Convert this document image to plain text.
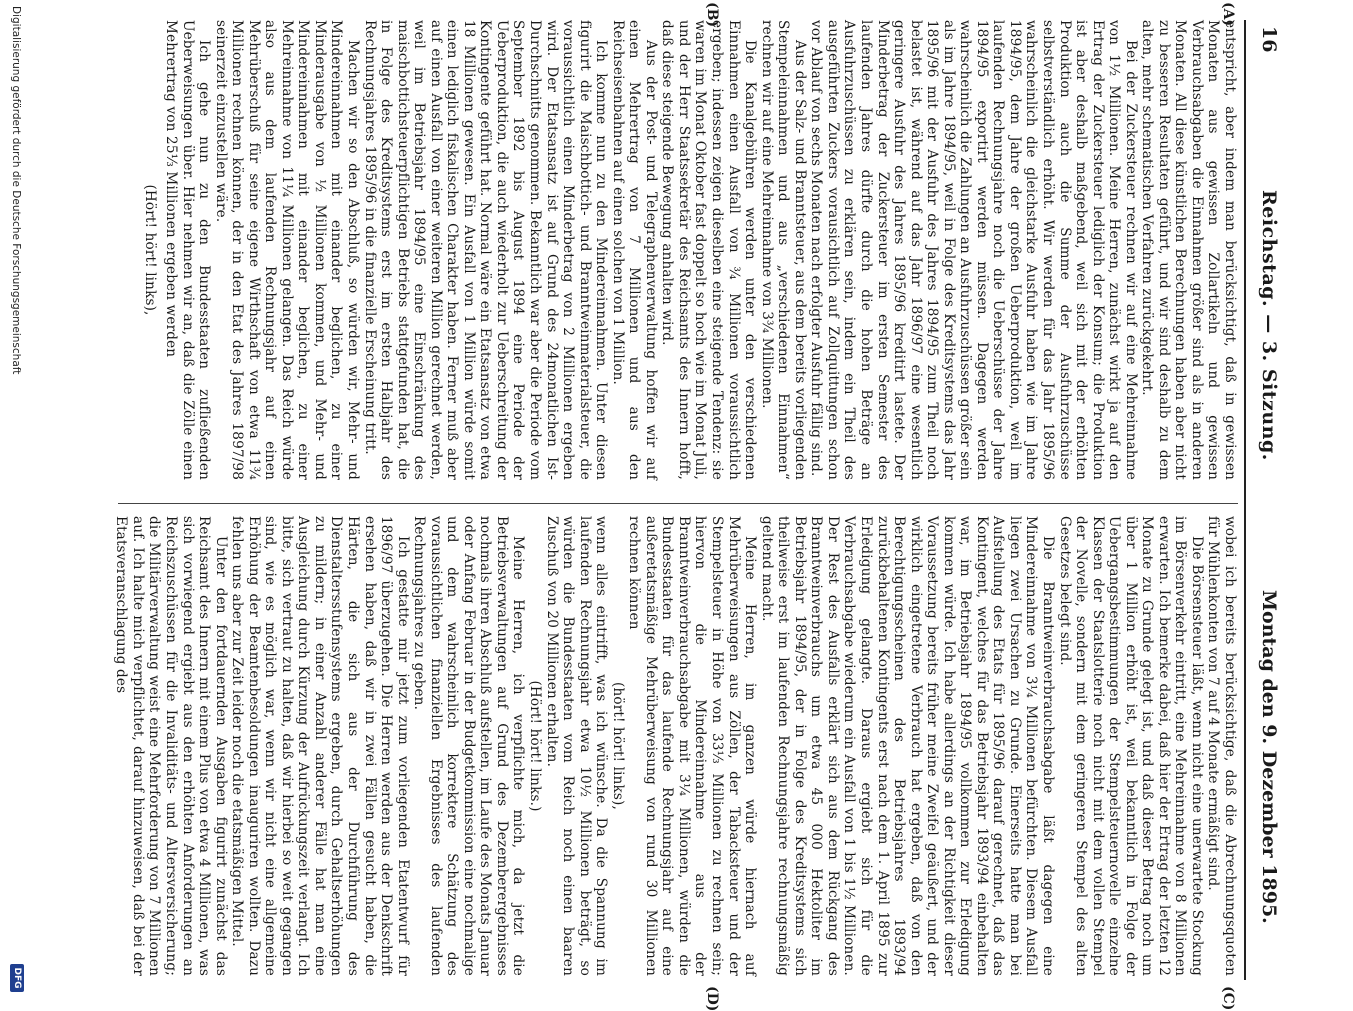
16
Reichstag. — 3. Sitzung.
Montag den 9. Dezember 1895.
(A)
(B)
(C)
(D)

entspricht, aber indem man berücksichtigt, daß in gewissen Monaten aus gewissen Zollartikeln und gewissen Verbrauchsabgaben die Einnahmen größer sind als in anderen Monaten. All diese künstlichen Berechnungen haben aber nicht zu besseren Resultaten geführt, und wir sind deshalb zu dem alten, mehr schematischen Verfahren zurückgekehrt.

Bei der Zuckersteuer rechnen wir auf eine Mehreinnahme von 1½ Millionen. Meine Herren, zunächst wirkt ja auf den Ertrag der Zuckersteuer lediglich der Konsum; die Produktion ist aber deshalb maßgebend, weil sich mit der erhöhten Produktion auch die Summe der Ausfuhrzuschüsse selbstverständlich erhöht. Wir werden für das Jahr 1895/96 wahrscheinlich die gleichstarke Ausfuhr haben wie im Jahre 1894/95, dem Jahre der großen Ueberproduktion, weil im laufenden Rechnungsjahre noch die Ueberschüsse der Jahre 1894/95 exportirt werden müssen. Dagegen werden wahrscheinlich die Zahlungen an Ausfuhrzuschüssen größer sein als im Jahre 1894/95, weil in Folge des Kreditsystems das Jahr 1895/96 mit der Ausfuhr des Jahres 1894/95 zum Theil noch belastet ist, während auf das Jahr 1896/97 eine wesentlich geringere Ausfuhr des Jahres 1895/96 kreditirt lastete. Der Minderbetrag der Zuckersteuer im ersten Semester des laufenden Jahres dürfte durch die hohen Beträge an Ausfuhrzuschüssen zu erklären sein, indem ein Theil des ausgeführten Zuckers vorausichtlich auf Zollquittungen schon vor Ablauf von sechs Monaten nach erfolgter Ausfuhr fällig sind.

Aus der Salz- und Branntsteuer, aus dem bereits vorliegenden Stempeleinnahmen und aus „verschiedenen Einnahmen“ rechnen wir auf eine Mehreinnahme von 3¾ Millionen.

Die Kanalgebühren werden unter den verschiedenen Einnahmen einen Ausfall von ¾ Millionen voraussichtlich ergeben; indessen zeigen dieselben eine steigende Tendenz: sie waren im Monat Oktober fast doppelt so hoch wie im Monat Juli, und der Herr Staatssekretär des Reichsamts des Innern hofft, daß diese steigende Bewegung anhalten wird.

Aus der Post- und Telegraphenverwaltung hoffen wir auf einen Mehrertrag von 7 Millionen und aus den Reichseisenbahnen auf einen solchen von 1 Million.

Ich komme nun zu den Mindereinnahmen. Unter diesen figurirt die Maischbottich- und Branntweinmaterialsteuer, die voraussichtlich einen Minderbetrag von 2 Millionen ergeben wird. Der Etatsansatz ist auf Grund des 24monatlichen Ist-Durchschnitts genommen. Bekanntlich war aber die Periode vom September 1892 bis August 1894 eine Periode der Ueberproduktion, die auch wiederholt zur Ueberschreitung der Kontingente geführt hat. Normal wäre ein Etatsansatz von etwa 18 Millionen gewesen. Ein Ausfall von 1 Million würde somit einen lediglich fiskalischen Charakter haben. Ferner muß aber auf einen Ausfall von einer weiteren Million gerechnet werden, weil im Betriebsjahr 1894/95 eine Einschränkung des maischbottichsteuerpflichtigen Betriebs stattgefunden hat, die in Folge des Kreditsystems erst im ersten Halbjahr des Rechnungsjahres 1895/96 in die finanzielle Erscheinung tritt.

Machen wir so den Abschluß, so würden wir, Mehr- und Mindereinnahmen mit einander beglichen, zu einer Minderausgabe von ½ Millionen kommen, und Mehr- und Mindereinnahmen mit einander beglichen, zu einer Mehreinnahme von 11¼ Millionen gelangen. Das Reich würde also aus dem laufenden Rechnungsjahr auf einen Mehrüberschuß für seine eigene Wirthschaft von etwa 11¾ Millionen rechnen können, der in den Etat des Jahres 1897/98 seinerzeit einzustellen wäre.

Ich gehe nun zu den Bundesstaaten zufließenden Ueberweisungen über. Hier nehmen wir an, daß die Zölle einen Mehrertrag von 25⅓ Millionen ergeben werden

(Hört! hört! links),

wobei ich bereits berücksichtige, daß die Abrechnungsquoten für Mühlenkonten von 7 auf 4 Monate ermäßigt sind.

Die Börsensteuer läßt, wenn nicht eine unerwartete Stockung im Börsenverkehr eintritt, eine Mehreinnahme von 8 Millionen erwarten. Ich bemerke dabei, daß hier der Ertrag der letzten 12 Monate zu Grunde gelegt ist, und daß dieser Betrag noch um über 1 Million erhöht ist, weil bekanntlich in Folge der Uebergangsbestimmungen der Stempelsteuernovelle einzelne Klassen der Staatslotterie noch nicht mit dem vollen Stempel der Novelle, sondern mit dem geringeren Stempel des alten Gesetzes belegt sind.

Die Branntweinverbrauchsabgabe läßt dagegen eine Mindereinnahme von 3¼ Millionen befürchten. Diesem Ausfall liegen zwei Ursachen zu Grunde. Einerseits hatte man bei Aufstellung des Etats für 1895/96 darauf gerechnet, daß das Kontingent, welches für das Betriebsjahr 1893/94 einbehalten war, im Betriebsjahr 1894/95 vollkommen zur Erledigung kommen würde. Ich habe allerdings an der Richtigkeit dieser Voraussetzung bereits früher meine Zweifel geäußert, und der wirklich eingetretene Verbrauch hat ergeben, daß von den Berechtigungsscheinen des Betriebsjahres 1893/94 zurückbehaltenen Kontingents erst nach dem 1. April 1895 zur Erledigung gelangte. Daraus ergiebt sich für die Verbrauchsabgabe wiederum ein Ausfall von 1 bis 1½ Millionen. Der Rest des Ausfalls erklärt sich aus dem Rückgang des Branntweinverbrauchs um etwa 45 000 Hektoliter im Betriebsjahr 1894/95, der in Folge des Kreditsystems sich theilweise erst im laufenden Rechnungsjahre rechnungsmäßig geltend macht.

Meine Herren, im ganzen würde hiernach auf Mehrüberweisungen aus Zöllen, der Tabacksteuer und der Stempelsteuer in Höhe von 33⅓ Millionen zu rechnen sein; hiervon die Mindereinnahme aus der Branntweinverbrauchsabgabe mit 3¼ Millionen, würden die Bundesstaaten für das laufende Rechnungsjahr auf eine außeretatsmäßige Mehrüberweisung von rund 30 Millionen rechnen können

(hört! hört! links),

wenn alles eintrifft, was ich wünsche. Da die Spannung im laufenden Rechnungsjahr etwa 10½ Millionen beträgt, so würden die Bundesstaaten vom Reich noch einen baaren Zuschuß von 20 Millionen erhalten.

(Hört! hört! links.)

Meine Herren, ich verpflichte mich, da jetzt die Betriebsverwaltungen auf Grund des Dezemberergebnisses nochmals ihren Abschluß aufstellen, im Laufe des Monats Januar oder Anfang Februar in der Budgetkommission eine nochmalige und dem wahrscheinlich korrektere Schätzung des voraussichtlichen finanziellen Ergebnisses des laufenden Rechnungsjahres zu geben.

Ich gestatte mir jetzt zum vorliegenden Etatentwurf für 1896/97 überzugehen. Die Herren werden aus der Denkschrift ersehen haben, daß wir in zwei Fällen gesucht haben, die Härten, die sich aus der Durchführung des Dienstaltersstufensystems ergeben, durch Gehaltserhöhungen zu mildern; in einer Anzahl anderer Fälle hat man eine Ausgleichung durch Kürzung der Aufrückungszeit verlangt. Ich bitte, sich vertraut zu halten, daß wir hierbei so weit gegangen sind, wie es möglich war, wenn wir nicht eine allgemeine Erhöhung der Beamtenbesoldungen inauguriren wollten. Dazu fehlen uns aber zur Zeit leider noch die etatsmäßigen Mittel.

Unter den fortdauernden Ausgaben figurirt zunächst das Reichsamt des Innern mit einem Plus von etwa 4 Millionen, was sich vorwiegend ergiebt aus den erhöhten Anforderungen an Reichszuschüssen für die Invaliditäts- und Altersversicherung; die Militärverwaltung weist eine Mehrforderung von 7 Millionen auf. Ich halte mich verpflichtet, darauf hinzuweisen, daß bei der Etatsveranschlagung des

Digitalisierung gefördert durch die Deutsche Forschungsgemeinschaft
DFG
